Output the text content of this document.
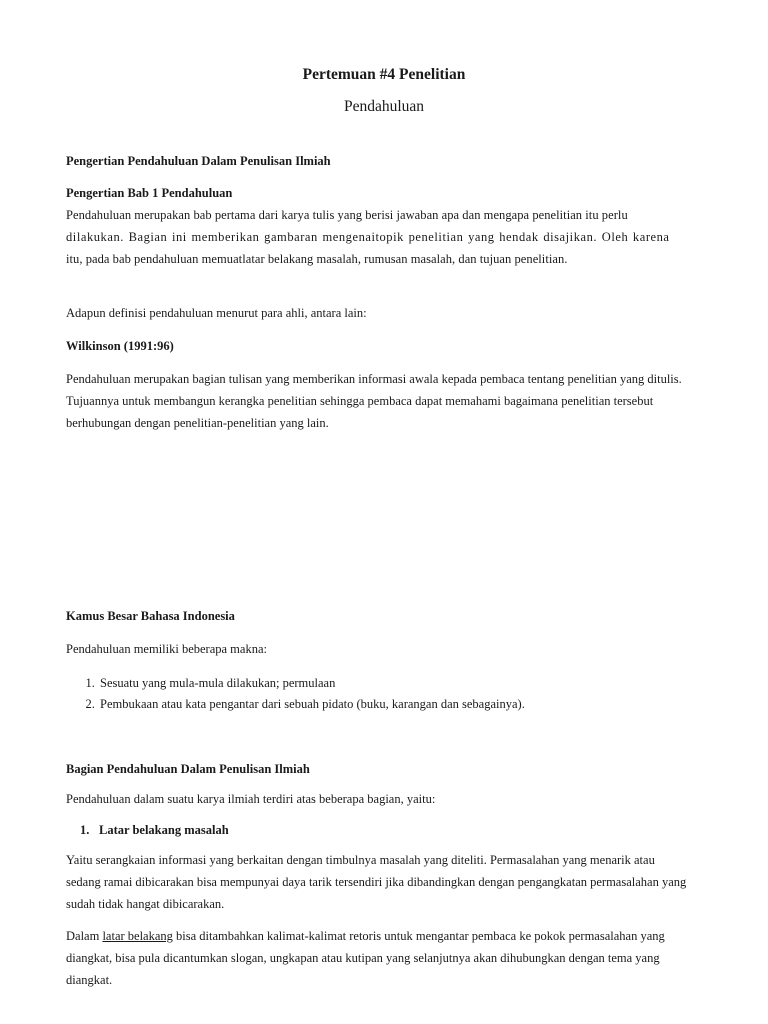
Pertemuan #4 Penelitian
Pendahuluan

Pengertian Pendahuluan Dalam Penulisan Ilmiah

Pengertian Bab 1 Pendahuluan

Pendahuluan merupakan bab pertama dari karya tulis yang berisi jawaban apa dan mengapa penelitian itu perlu

dilakukan. Bagian ini memberikan gambaran mengenaitopik penelitian yang hendak disajikan. Oleh karena

itu, pada bab pendahuluan memuatlatar belakang masalah, rumusan masalah, dan tujuan penelitian.

Adapun definisi pendahuluan menurut para ahli, antara lain:

Wilkinson (1991:96)

Pendahuluan merupakan bagian tulisan yang memberikan informasi awala kepada pembaca tentang penelitian yang ditulis.

Tujuannya untuk membangun kerangka penelitian sehingga pembaca dapat memahami bagaimana penelitian tersebut

berhubungan dengan penelitian-penelitian yang lain.

Kamus Besar Bahasa Indonesia

Pendahuluan memiliki beberapa makna:

1. Sesuatu yang mula-mula dilakukan; permulaan
2. Pembukaan atau kata pengantar dari sebuah pidato (buku, karangan dan sebagainya).

Bagian Pendahuluan Dalam Penulisan Ilmiah

Pendahuluan dalam suatu karya ilmiah terdiri atas beberapa bagian, yaitu:

1. Latar belakang masalah

Yaitu serangkaian informasi yang berkaitan dengan timbulnya masalah yang diteliti. Permasalahan yang menarik atau

sedang ramai dibicarakan bisa mempunyai daya tarik tersendiri jika dibandingkan dengan pengangkatan permasalahan yang

sudah tidak hangat dibicarakan.

Dalam latar belakang bisa ditambahkan kalimat-kalimat retoris untuk mengantar pembaca ke pokok permasalahan yang

diangkat, bisa pula dicantumkan slogan, ungkapan atau kutipan yang selanjutnya akan dihubungkan dengan tema yang

diangkat.
